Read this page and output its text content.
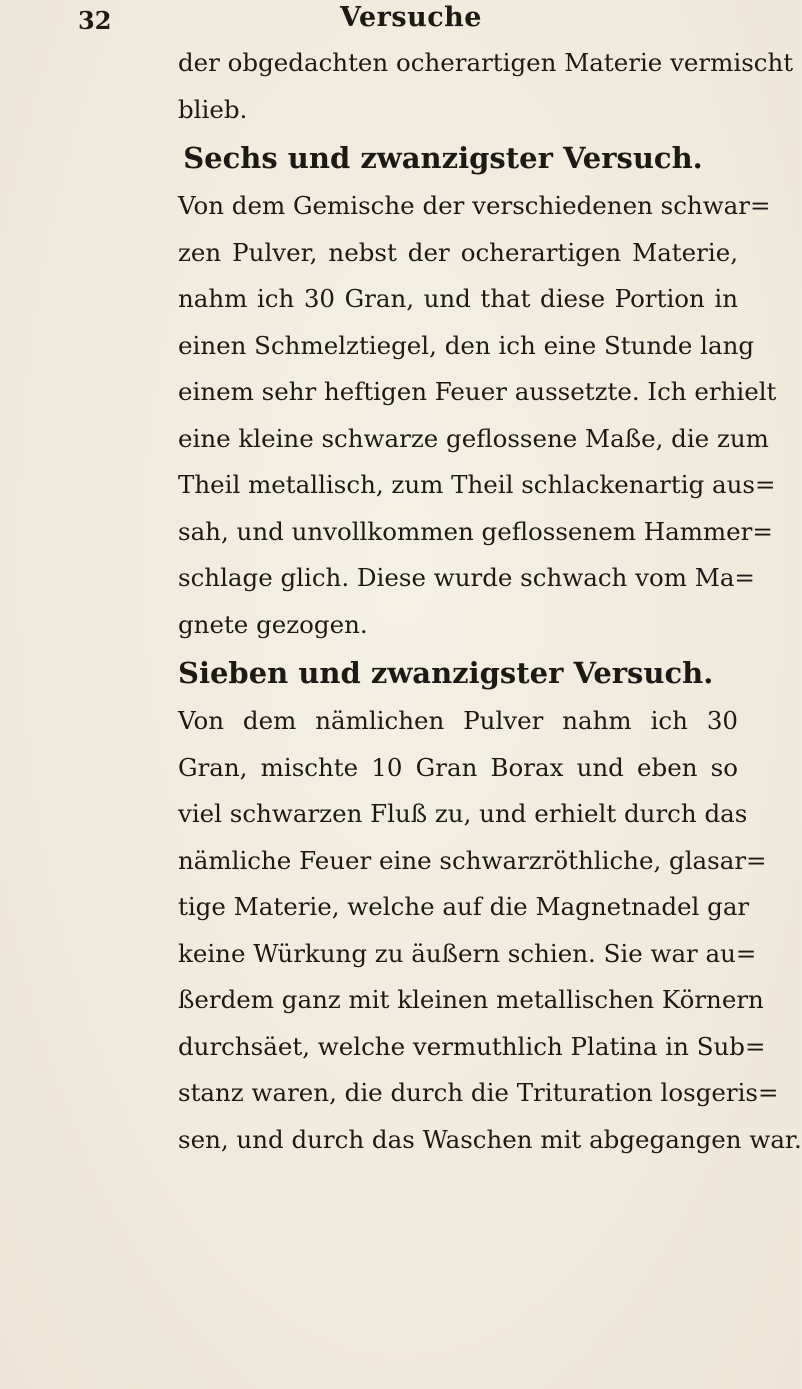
32	Versuche
der obgedachten ocherartigen Materie vermischt
blieb.
Sechs und zwanzigster Versuch.
Von dem Gemische der verschiedenen schwar=
zen Pulver, nebst der ocherartigen Materie,
nahm ich 30 Gran, und that diese Portion in
einen Schmelztiegel, den ich eine Stunde lang
einem sehr heftigen Feuer aussetzte. Ich erhielt
eine kleine schwarze geflossene Maße, die zum
Theil metallisch, zum Theil schlackenartig aus=
sah, und unvollkommen geflossenem Hammer=
schlage glich. Diese wurde schwach vom Ma=
gnete gezogen.
Sieben und zwanzigster Versuch.
Von dem nämlichen Pulver nahm ich 30
Gran, mischte 10 Gran Borax und eben so
viel schwarzen Fluß zu, und erhielt durch das
nämliche Feuer eine schwarzröthliche, glasar=
tige Materie, welche auf die Magnetnadel gar
keine Würkung zu äußern schien. Sie war au=
ßerdem ganz mit kleinen metallischen Körnern
durchsäet, welche vermuthlich Platina in Sub=
stanz waren, die durch die Trituration losgeris=
sen, und durch das Waschen mit abgegangen war.
